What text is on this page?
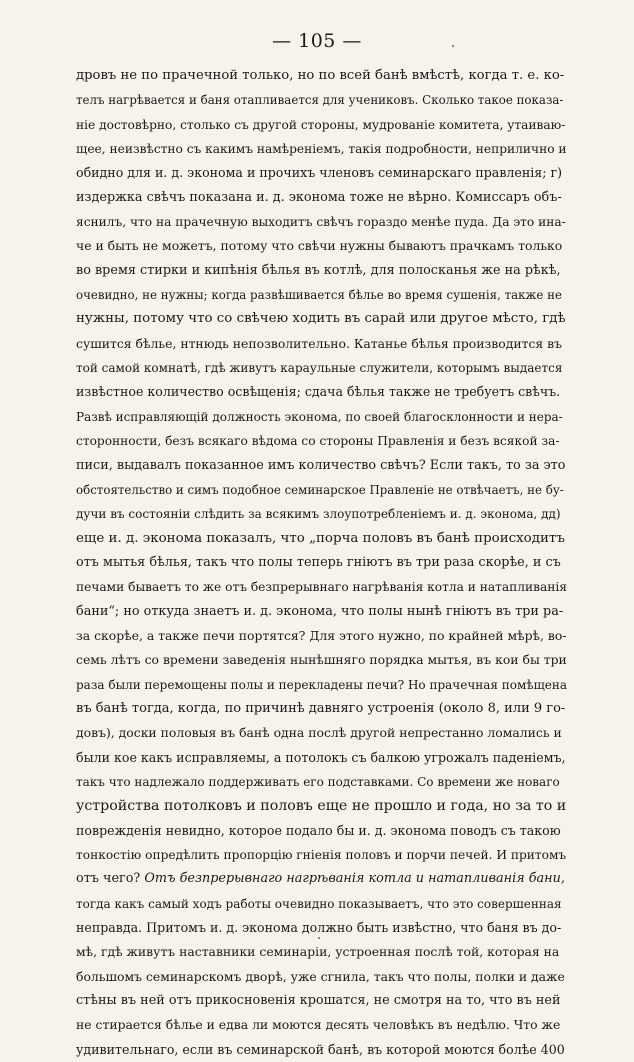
— 105 —
дровъ не по прачечной только, но по всей банѣ вмѣстѣ, когда т. е. ко-
телъ нагрѣвается и баня отапливается для учениковъ. Сколько такое показа-
ніе достовѣрно, столько съ другой стороны, мудрованіе комитета, утаиваю-
щее, неизвѣстно съ какимъ намѣреніемъ, такія подробности, неприлично и
обидно для и. д. эконома и прочихъ членовъ семинарскаго правленія; г)
издержка свѣчъ показана и. д. эконома тоже не вѣрно. Комиссаръ объ-
яснилъ, что на прачечную выходитъ свѣчъ гораздо менѣе пуда. Да это ина-
че и быть не можетъ, потому что свѣчи нужны бываютъ прачкамъ только
во время стирки и кипѣнія бѣлья въ котлѣ, для полосканья же на рѣкѣ,
очевидно, не нужны; когда развѣшивается бѣлье во время сушенія, также не
нужны, потому что со свѣчею ходить въ сарай или другое мѣсто, гдѣ
сушится бѣлье, нтнюдь непозволительно. Катанье бѣлья производится въ
той самой комнатѣ, гдѣ живутъ караульные служители, которымъ выдается
извѣстное количество освѣщенія; сдача бѣлья также не требуетъ свѣчъ.
Развѣ исправляющій должность эконома, по своей благосклонности и нера-
сторонности, безъ всякаго вѣдома со стороны Правленія и безъ всякой за-
писи, выдавалъ показанное имъ количество свѣчъ? Если такъ, то за это
обстоятельство и симъ подобное семинарское Правленіе не отвѣчаетъ, не бу-
дучи въ состояніи слѣдить за всякимъ злоупотребленіемъ и. д. эконома, дд)
еще и. д. эконома показалъ, что „порча половъ въ банѣ происходитъ
отъ мытья бѣлья, такъ что полы теперь гніютъ въ три раза скорѣе, и съ
печами бываетъ то же отъ безпрерывнаго нагрѣванія котла и натапливанія
бани“; но откуда знаетъ и. д. эконома, что полы нынѣ гніютъ въ три ра-
за скорѣе, а также печи портятся? Для этого нужно, по крайней мѣрѣ, во-
семь лѣтъ со времени заведенія нынѣшняго порядка мытья, въ кои бы три
раза были перемощены полы и перекладены печи? Но прачечная помѣщена
въ банѣ тогда, когда, по причинѣ давняго устроенія (около 8, или 9 го-
довъ), доски половыя въ банѣ одна послѣ другой непрестанно ломались и
были кое какъ исправляемы, а потолокъ съ балкою угрожалъ паденіемъ,
такъ что надлежало поддерживать его подставками. Со времени же новаго
устройства потолковъ и половъ еще не прошло и года, но за то и
поврежденія невидно, которое подало бы и. д. эконома поводъ съ такою
тонкостію опредѣлить пропорцію гніенія половъ и порчи печей. И притомъ
отъ чего? Отъ безпрерывнаго нагрѣванія котла и натапливанія бани,
тогда какъ самый ходъ работы очевидно показываетъ, что это совершенная
неправда. Притомъ и. д. эконома должно быть извѣстно, что баня въ до-
мѣ, гдѣ живутъ наставники семинаріи, устроенная послѣ той, которая на
большомъ семинарскомъ дворѣ, уже сгнила, такъ что полы, полки и даже
стѣны въ ней отъ прикосновенія крошатся, не смотря на то, что въ ней
не стирается бѣлье и едва ли моются десять человѣкъ въ недѣлю. Что же
удивительнаго, если въ семинарской банѣ, въ которой моются болѣе 400
